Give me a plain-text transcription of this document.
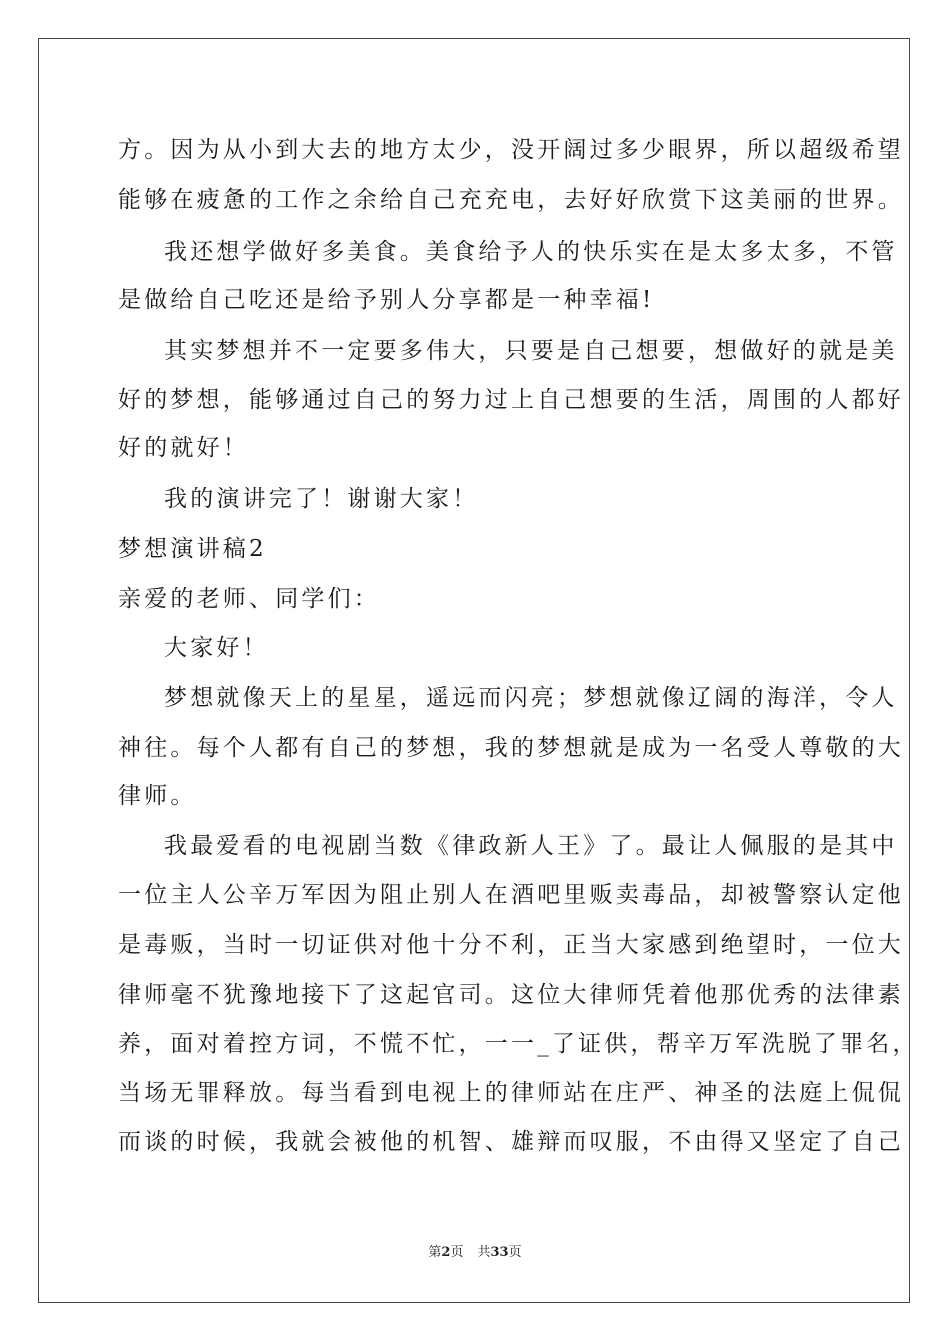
方。因为从小到大去的地方太少，没开阔过多少眼界，所以超级希望
能够在疲惫的工作之余给自己充充电，去好好欣赏下这美丽的世界。
我还想学做好多美食。美食给予人的快乐实在是太多太多，不管
是做给自己吃还是给予别人分享都是一种幸福!
其实梦想并不一定要多伟大，只要是自己想要，想做好的就是美
好的梦想，能够通过自己的努力过上自己想要的生活，周围的人都好
好的就好！
我的演讲完了！谢谢大家！
梦想演讲稿2
亲爱的老师、同学们：
大家好！
梦想就像天上的星星，遥远而闪亮；梦想就像辽阔的海洋，令人
神往。每个人都有自己的梦想，我的梦想就是成为一名受人尊敬的大
律师。
我最爱看的电视剧当数《律政新人王》了。最让人佩服的是其中
一位主人公辛万军因为阻止别人在酒吧里贩卖毒品，却被警察认定他
是毒贩，当时一切证供对他十分不利，正当大家感到绝望时，一位大
律师毫不犹豫地接下了这起官司。这位大律师凭着他那优秀的法律素
养，面对着控方词，不慌不忙，一一_了证供，帮辛万军洗脱了罪名，
当场无罪释放。每当看到电视上的律师站在庄严、神圣的法庭上侃侃
而谈的时候，我就会被他的机智、雄辩而叹服，不由得又坚定了自己
第2页 共33页
